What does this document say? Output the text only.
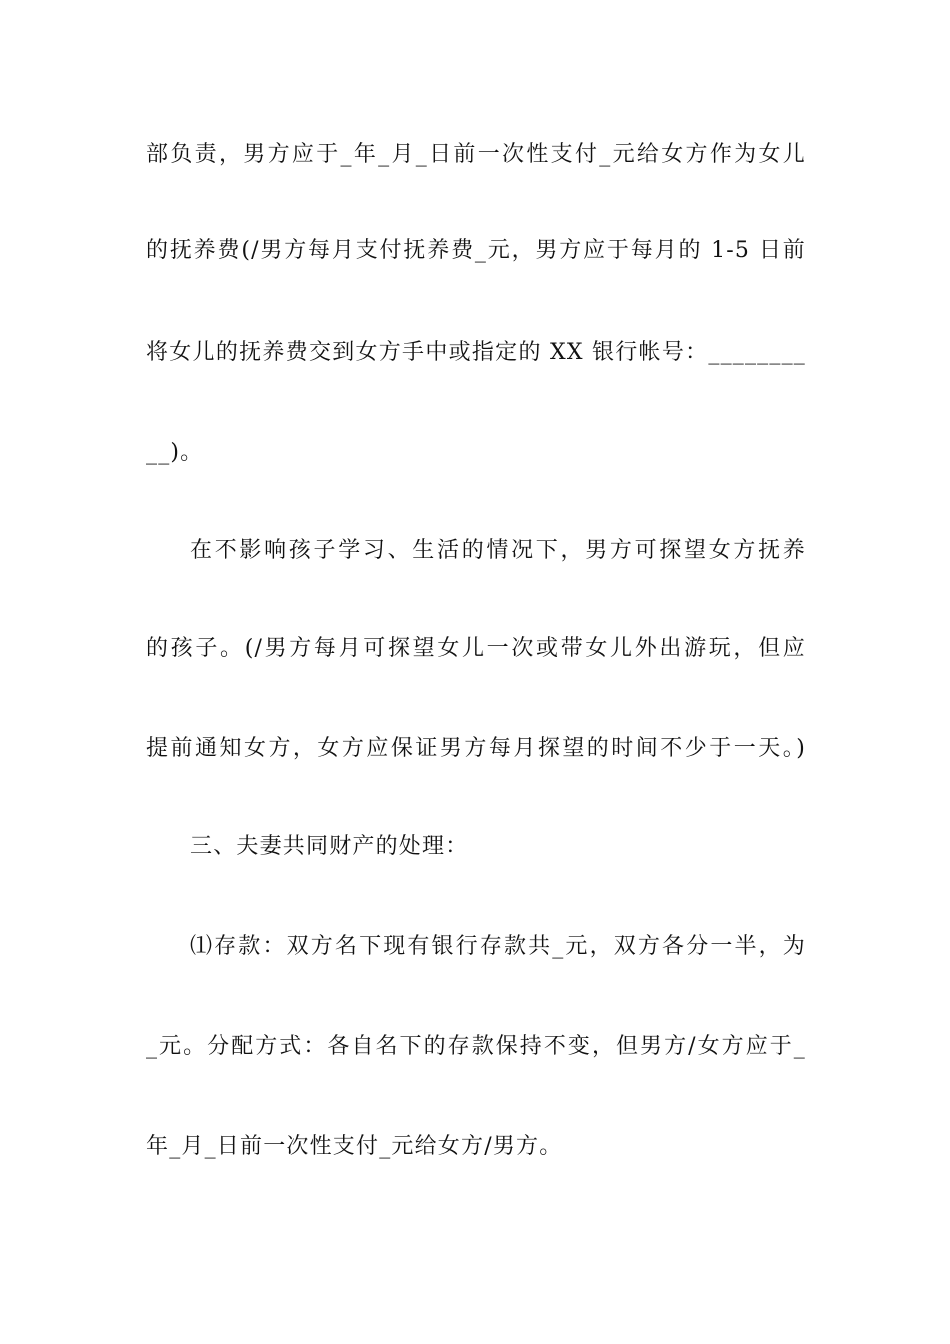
部负责，男方应于_年_月_日前一次性支付_元给女方作为女儿
的抚养费(/男方每月支付抚养费_元，男方应于每月的 1-5 日前
将女儿的抚养费交到女方手中或指定的 XX 银行帐号：________
__)。
在不影响孩子学习、生活的情况下，男方可探望女方抚养
的孩子。(/男方每月可探望女儿一次或带女儿外出游玩，但应
提前通知女方，女方应保证男方每月探望的时间不少于一天。)
三、夫妻共同财产的处理：
⑴存款：双方名下现有银行存款共_元，双方各分一半，为
_元。分配方式：各自名下的存款保持不变，但男方/女方应于_
年_月_日前一次性支付_元给女方/男方。
